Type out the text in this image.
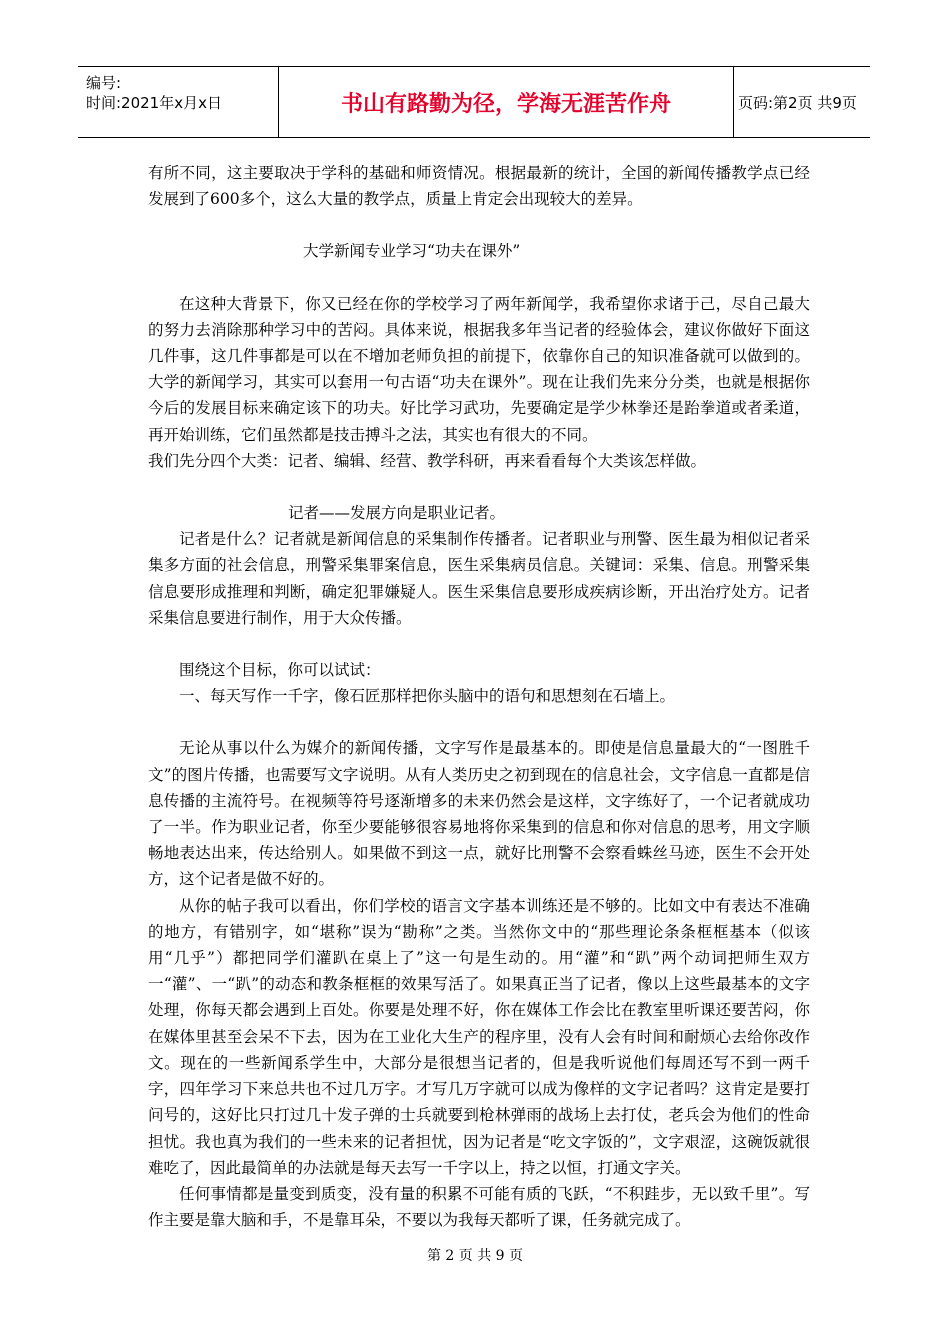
编号:
时间:2021年x月x日	书山有路勤为径，学海无涯苦作舟	页码:第2页 共9页

有所不同，这主要取决于学科的基础和师资情况。根据最新的统计，全国的新闻传播教学点已经发展到了600多个，这么大量的教学点，质量上肯定会出现较大的差异。

大学新闻专业学习“功夫在课外”

在这种大背景下，你又已经在你的学校学习了两年新闻学，我希望你求诸于己，尽自己最大的努力去消除那种学习中的苦闷。具体来说，根据我多年当记者的经验体会，建议你做好下面这几件事，这几件事都是可以在不增加老师负担的前提下，依靠你自己的知识准备就可以做到的。大学的新闻学习，其实可以套用一句古语“功夫在课外”。现在让我们先来分分类，也就是根据你今后的发展目标来确定该下的功夫。好比学习武功，先要确定是学少林拳还是跆拳道或者柔道，再开始训练，它们虽然都是技击搏斗之法，其实也有很大的不同。

我们先分四个大类：记者、编辑、经营、教学科研，再来看看每个大类该怎样做。

记者——发展方向是职业记者。

记者是什么？记者就是新闻信息的采集制作传播者。记者职业与刑警、医生最为相似记者采集多方面的社会信息，刑警采集罪案信息，医生采集病员信息。关键词：采集、信息。刑警采集信息要形成推理和判断，确定犯罪嫌疑人。医生采集信息要形成疾病诊断，开出治疗处方。记者采集信息要进行制作，用于大众传播。

围绕这个目标，你可以试试：

一、每天写作一千字，像石匠那样把你头脑中的语句和思想刻在石墙上。

无论从事以什么为媒介的新闻传播，文字写作是最基本的。即使是信息量最大的“一图胜千文”的图片传播，也需要写文字说明。从有人类历史之初到现在的信息社会，文字信息一直都是信息传播的主流符号。在视频等符号逐渐增多的未来仍然会是这样，文字练好了，一个记者就成功了一半。作为职业记者，你至少要能够很容易地将你采集到的信息和你对信息的思考，用文字顺畅地表达出来，传达给别人。如果做不到这一点，就好比刑警不会察看蛛丝马迹，医生不会开处方，这个记者是做不好的。

从你的帖子我可以看出，你们学校的语言文字基本训练还是不够的。比如文中有表达不准确的地方，有错别字，如“堪称”误为“勘称”之类。当然你文中的“那些理论条条框框基本（似该用“几乎”）都把同学们灌趴在桌上了”这一句是生动的。用“灌”和“趴”两个动词把师生双方一“灌”、一“趴”的动态和教条框框的效果写活了。如果真正当了记者，像以上这些最基本的文字处理，你每天都会遇到上百处。你要是处理不好，你在媒体工作会比在教室里听课还要苦闷，你在媒体里甚至会呆不下去，因为在工业化大生产的程序里，没有人会有时间和耐烦心去给你改作文。现在的一些新闻系学生中，大部分是很想当记者的，但是我听说他们每周还写不到一两千字，四年学习下来总共也不过几万字。才写几万字就可以成为像样的文字记者吗？这肯定是要打问号的，这好比只打过几十发子弹的士兵就要到枪林弹雨的战场上去打仗，老兵会为他们的性命担忧。我也真为我们的一些未来的记者担忧，因为记者是“吃文字饭的”，文字艰涩，这碗饭就很难吃了，因此最简单的办法就是每天去写一千字以上，持之以恒，打通文字关。

任何事情都是量变到质变，没有量的积累不可能有质的飞跃，“不积跬步，无以致千里”。写作主要是靠大脑和手，不是靠耳朵，不要以为我每天都听了课，任务就完成了。

第 2 页 共 9 页
